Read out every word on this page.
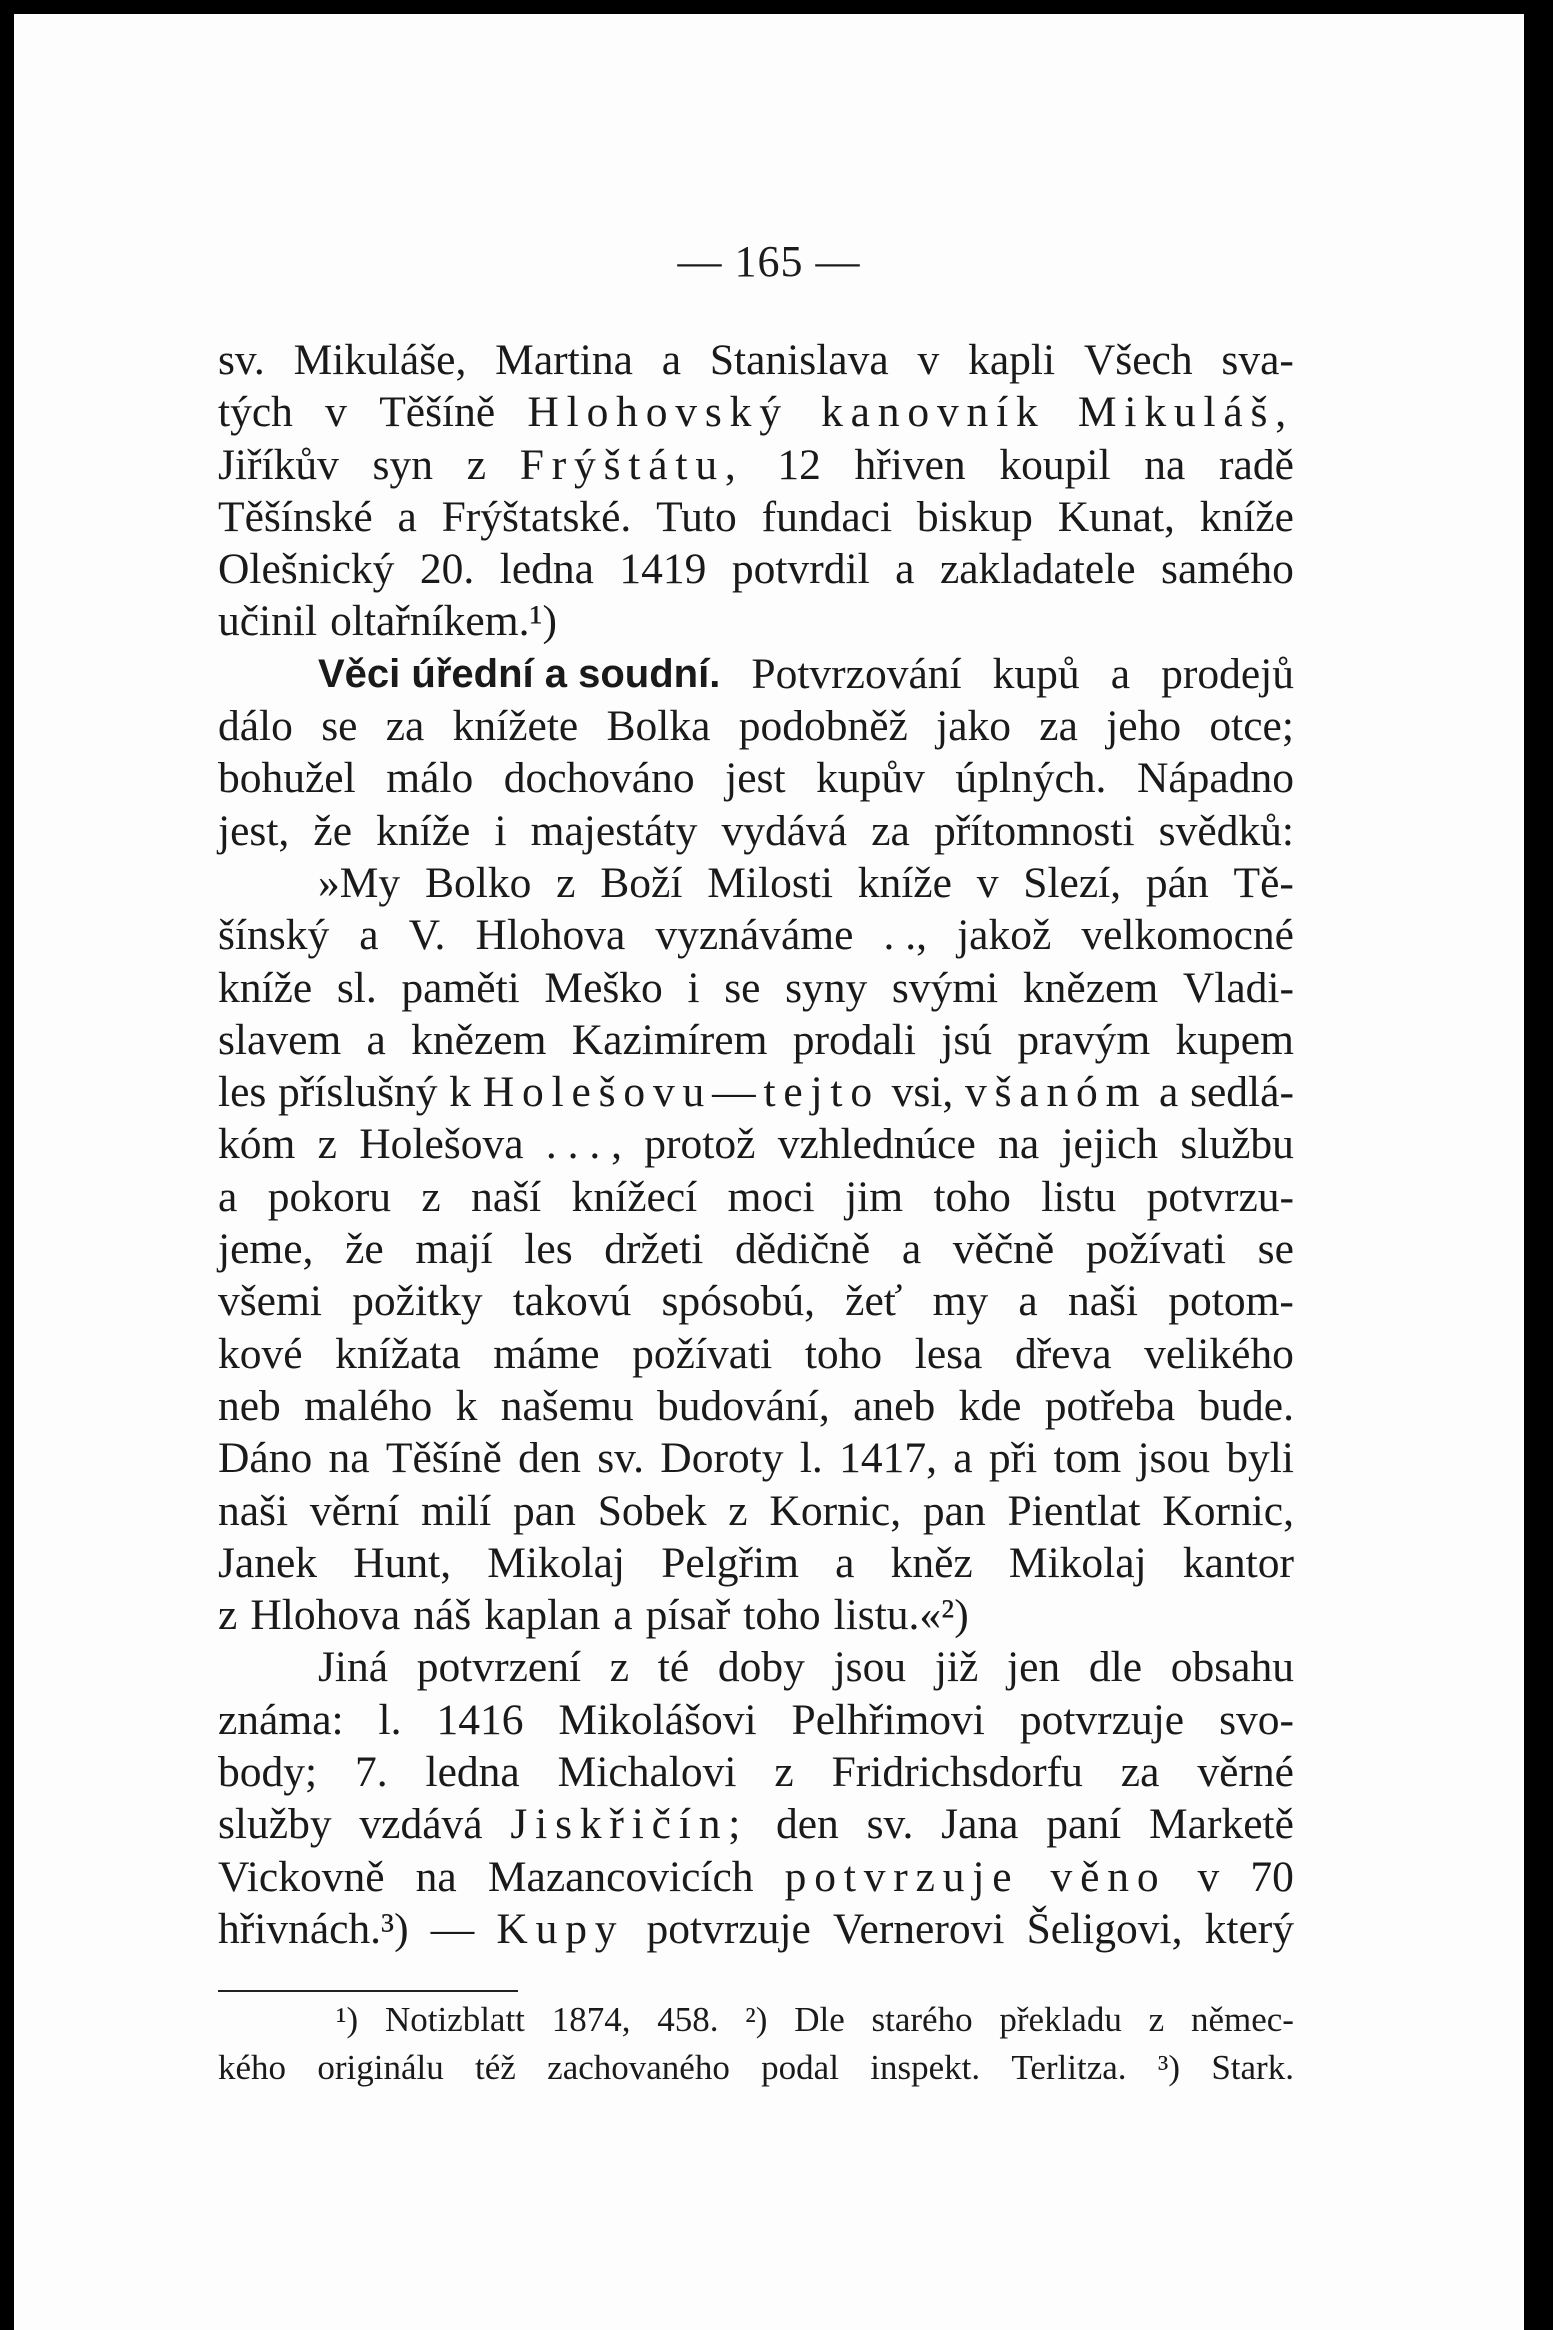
— 165 —
sv. Mikuláše, Martina a Stanislava v kapli Všech sva-
tých v Těšíně Hlohovský kanovník Mikuláš,
Jiříkův syn z Frýštátu, 12 hřiven koupil na radě
Těšínské a Frýštatské. Tuto fundaci biskup Kunat, kníže
Olešnický 20. ledna 1419 potvrdil a zakladatele samého
učinil oltařníkem.¹)
Věci úřední a soudní. Potvrzování kupů a prodejů
dálo se za knížete Bolka podobněž jako za jeho otce;
bohužel málo dochováno jest kupův úplných. Nápadno
jest, že kníže i majestáty vydává za přítomnosti svědků:
»My Bolko z Boží Milosti kníže v Slezí, pán Tě-
šínský a V. Hlohova vyznáváme . ., jakož velkomocné
kníže sl. paměti Meško i se syny svými knězem Vladi-
slavem a knězem Kazimírem prodali jsú pravým kupem
les příslušný k Holešovu—tejto vsi, všanóm a sedlá-
kóm z Holešova . . . , protož vzhlednúce na jejich službu
a pokoru z naší knížecí moci jim toho listu potvrzu-
jeme, že mají les držeti dědičně a věčně požívati se
všemi požitky takovú spósobú, žeť my a naši potom-
kové knížata máme požívati toho lesa dřeva velikého
neb malého k našemu budování, aneb kde potřeba bude.
Dáno na Těšíně den sv. Doroty l. 1417, a při tom jsou byli
naši věrní milí pan Sobek z Kornic, pan Pientlat Kornic,
Janek Hunt, Mikolaj Pelgřim a kněz Mikolaj kantor
z Hlohova náš kaplan a písař toho listu.«²)
Jiná potvrzení z té doby jsou již jen dle obsahu
známa: l. 1416 Mikolášovi Pelhřimovi potvrzuje svo-
body; 7. ledna Michalovi z Fridrichsdorfu za věrné
služby vzdává Jiskřičín; den sv. Jana paní Marketě
Vickovně na Mazancovicích potvrzuje věno v 70
hřivnách.³) — Kupy potvrzuje Vernerovi Šeligovi, který
¹) Notizblatt 1874, 458. ²) Dle starého překladu z němec-
kého originálu též zachovaného podal inspekt. Terlitza. ³) Stark.
